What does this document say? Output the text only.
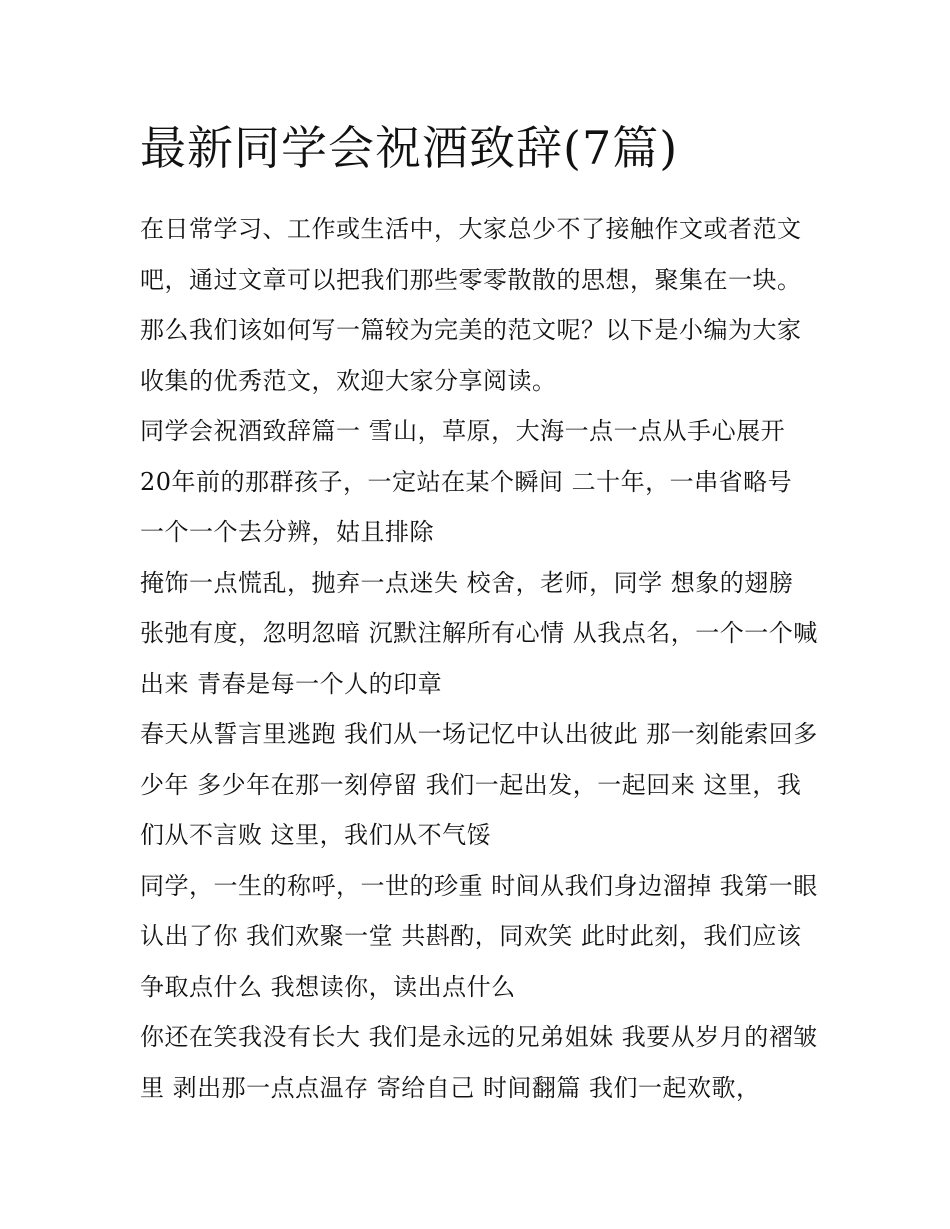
最新同学会祝酒致辞(7篇)

在日常学习、工作或生活中，大家总少不了接触作文或者范文吧，通过文章可以把我们那些零零散散的思想，聚集在一块。那么我们该如何写一篇较为完美的范文呢？以下是小编为大家收集的优秀范文，欢迎大家分享阅读。

同学会祝酒致辞篇一 雪山，草原，大海一点一点从手心展开 20年前的那群孩子，一定站在某个瞬间 二十年，一串省略号 一个一个去分辨，姑且排除

掩饰一点慌乱，抛弃一点迷失 校舍，老师，同学 想象的翅膀 张弛有度，忽明忽暗 沉默注解所有心情 从我点名，一个一个喊出来 青春是每一个人的印章

春天从誓言里逃跑 我们从一场记忆中认出彼此 那一刻能索回多少年 多少年在那一刻停留 我们一起出发，一起回来 这里，我们从不言败 这里，我们从不气馁

同学，一生的称呼，一世的珍重 时间从我们身边溜掉 我第一眼认出了你 我们欢聚一堂 共斟酌，同欢笑 此时此刻，我们应该争取点什么 我想读你，读出点什么

你还在笑我没有长大 我们是永远的兄弟姐妹 我要从岁月的褶皱里 剥出那一点点温存 寄给自己 时间翻篇 我们一起欢歌，
